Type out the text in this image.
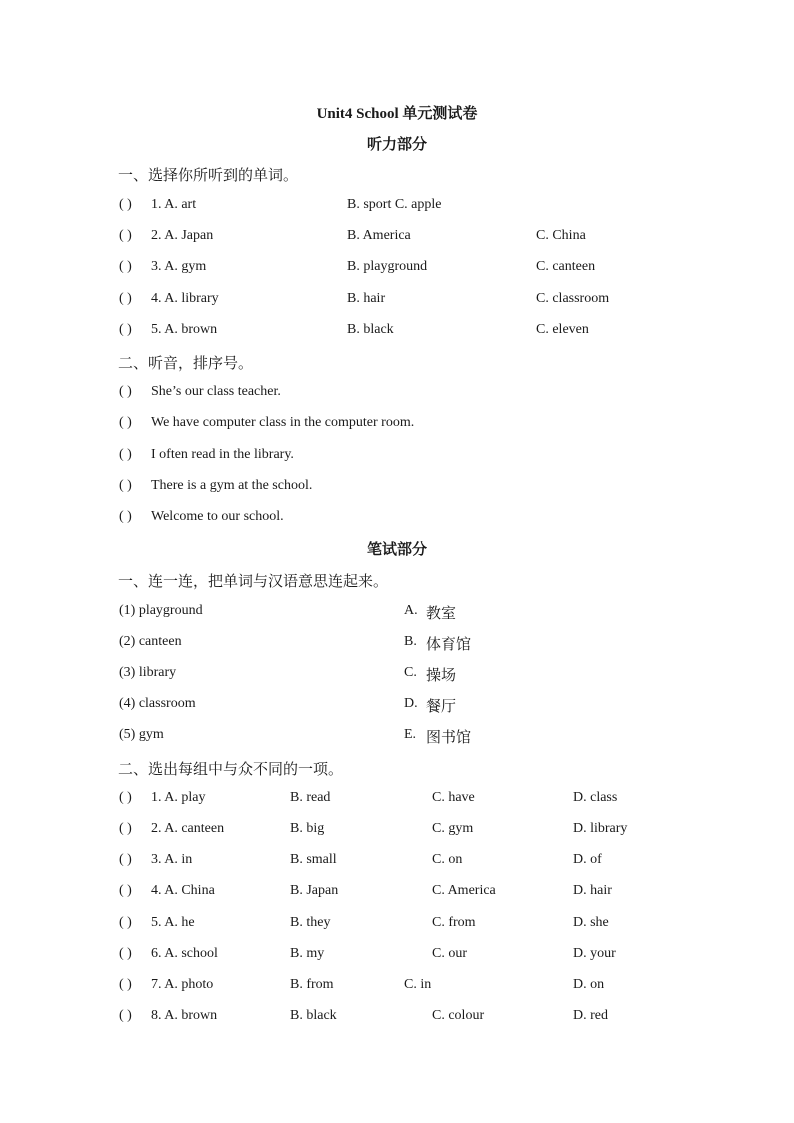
Unit4 School 单元测试卷
听力部分
一、选择你所听到的单词。
( ) 1. A. art	B. sport C. apple
( ) 2. A. Japan	B. America	C. China
( ) 3. A. gym	B. playground	C. canteen
( ) 4. A. library	B. hair	C. classroom
( ) 5. A. brown	B. black	C. eleven
二、听音，排序号。
( ) She’s our class teacher.
( ) We have computer class in the computer room.
( ) I often read in the library.
( ) There is a gym at the school.
( ) Welcome to our school.
笔试部分
一、连一连，把单词与汉语意思连起来。
(1) playground	A. 教室
(2) canteen	B. 体育馆
(3) library	C. 操场
(4) classroom	D. 餐厅
(5) gym	E. 图书馆
二、选出每组中与众不同的一项。
( ) 1. A. play	B. read	C. have	D. class
( ) 2. A. canteen	B. big	C. gym	D. library
( ) 3. A. in	B. small	C. on	D. of
( ) 4. A. China	B. Japan	C. America	D. hair
( ) 5. A. he	B. they	C. from	D. she
( ) 6. A. school	B. my	C. our	D. your
( ) 7. A. photo	B. from	C. in	D. on
( ) 8. A. brown	B. black	C. colour	D. red
